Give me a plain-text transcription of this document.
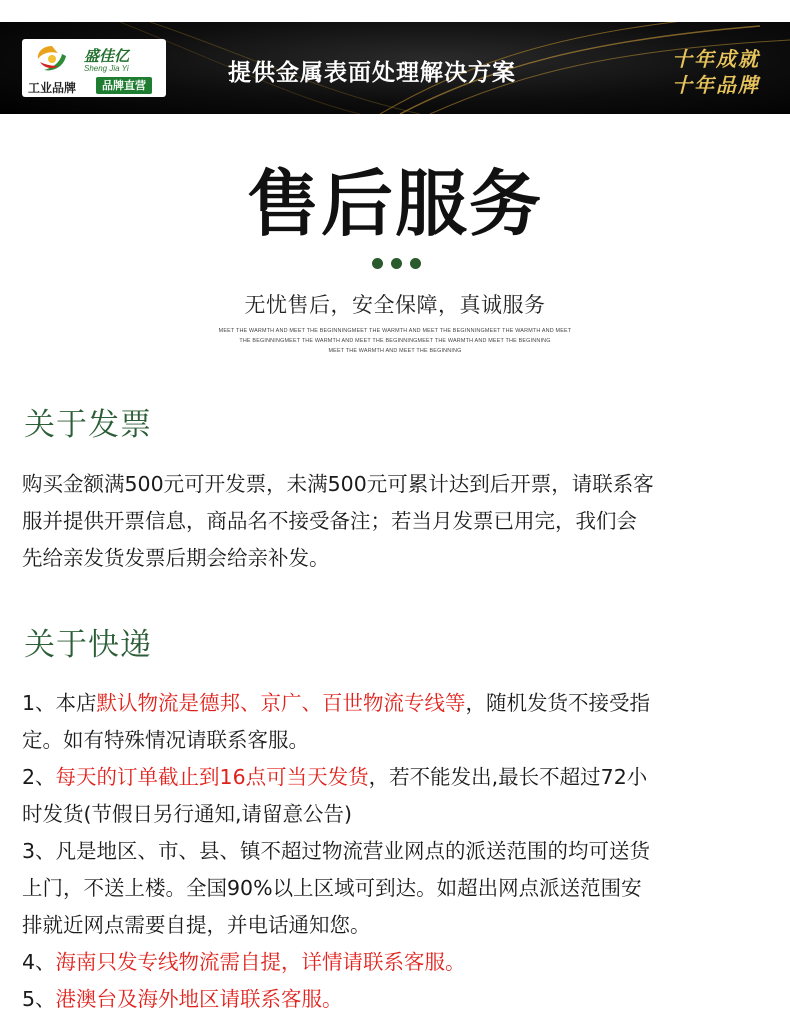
盛佳亿
Sheng Jia Yi
工业品牌	品牌直营	提供金属表面处理解决方案
十年成就
十年品牌
售后服务
无忧售后，安全保障，真诚服务
MEET THE WARMTH AND MEET THE BEGINNINGMEET THE WARMTH AND MEET THE BEGINNINGMEET THE WARMTH AND MEET
THE BEGINNINGMEET THE WARMTH AND MEET THE BEGINNINGMEET THE WARMTH AND MEET THE BEGINNING
MEET THE WARMTH AND MEET THE BEGINNING
关于发票
购买金额满500元可开发票，未满500元可累计达到后开票，请联系客
服并提供开票信息，商品名不接受备注；若当月发票已用完，我们会
先给亲发货发票后期会给亲补发。
关于快递
1、本店默认物流是德邦、京广、百世物流专线等，随机发货不接受指
定。如有特殊情况请联系客服。
2、每天的订单截止到16点可当天发货，若不能发出,最长不超过72小
时发货(节假日另行通知,请留意公告)
3、凡是地区、市、县、镇不超过物流营业网点的派送范围的均可送货
上门，不送上楼。全国90%以上区域可到达。如超出网点派送范围安
排就近网点需要自提，并电话通知您。
4、海南只发专线物流需自提，详情请联系客服。
5、港澳台及海外地区请联系客服。
